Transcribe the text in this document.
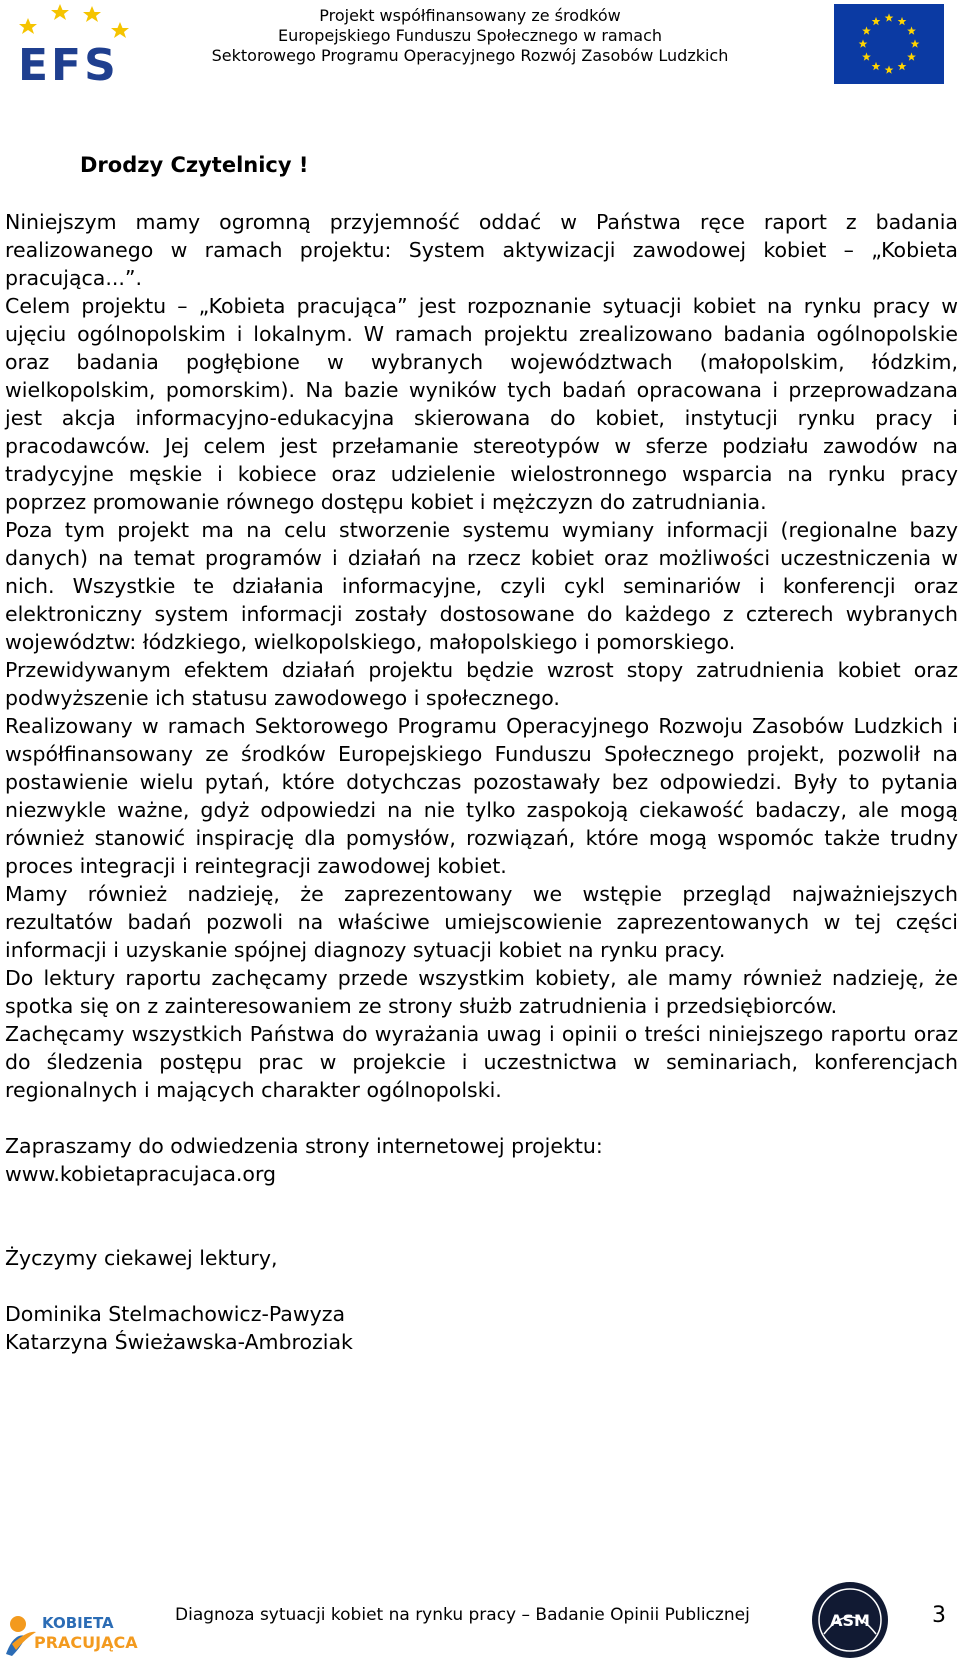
EFS
Projekt współfinansowany ze środków
Europejskiego Funduszu Społecznego w ramach
Sektorowego Programu Operacyjnego Rozwój Zasobów Ludzkich
Drodzy Czytelnicy !

Niniejszym mamy ogromną przyjemność oddać w Państwa ręce raport z badania realizowanego w ramach projektu: System aktywizacji zawodowej kobiet – „Kobieta pracująca...”.

Celem projektu – „Kobieta pracująca” jest rozpoznanie sytuacji kobiet na rynku pracy w ujęciu ogólnopolskim i lokalnym. W ramach projektu zrealizowano badania ogólnopolskie oraz badania pogłębione w wybranych województwach (małopolskim, łódzkim, wielkopolskim, pomorskim). Na bazie wyników tych badań opracowana i przeprowadzana jest akcja informacyjno-edukacyjna skierowana do kobiet, instytucji rynku pracy i pracodawców. Jej celem jest przełamanie stereotypów w sferze podziału zawodów na tradycyjne męskie i kobiece oraz udzielenie wielostronnego wsparcia na rynku pracy poprzez promowanie równego dostępu kobiet i mężczyzn do zatrudniania.

Poza tym projekt ma na celu stworzenie systemu wymiany informacji (regionalne bazy danych) na temat programów i działań na rzecz kobiet oraz możliwości uczestniczenia w nich. Wszystkie te działania informacyjne, czyli cykl seminariów i konferencji oraz elektroniczny system informacji zostały dostosowane do każdego z czterech wybranych województw: łódzkiego, wielkopolskiego, małopolskiego i pomorskiego.

Przewidywanym efektem działań projektu będzie wzrost stopy zatrudnienia kobiet oraz podwyższenie ich statusu zawodowego i społecznego.

Realizowany w ramach Sektorowego Programu Operacyjnego Rozwoju Zasobów Ludzkich i współfinansowany ze środków Europejskiego Funduszu Społecznego projekt, pozwolił na postawienie wielu pytań, które dotychczas pozostawały bez odpowiedzi. Były to pytania niezwykle ważne, gdyż odpowiedzi na nie tylko zaspokoją ciekawość badaczy, ale mogą również stanowić inspirację dla pomysłów, rozwiązań, które mogą wspomóc także trudny proces integracji i reintegracji zawodowej kobiet.

Mamy również nadzieję, że zaprezentowany we wstępie przegląd najważniejszych rezultatów badań pozwoli na właściwe umiejscowienie zaprezentowanych w tej części informacji i uzyskanie spójnej diagnozy sytuacji kobiet na rynku pracy.

Do lektury raportu zachęcamy przede wszystkim kobiety, ale mamy również nadzieję, że spotka się on z zainteresowaniem ze strony służb zatrudnienia i przedsiębiorców.

Zachęcamy wszystkich Państwa do wyrażania uwag i opinii o treści niniejszego raportu oraz do śledzenia postępu prac w projekcie i uczestnictwa w seminariach, konferencjach regionalnych i mających charakter ogólnopolski.

Zapraszamy do odwiedzenia strony internetowej projektu:

www.kobietapracujaca.org

Życzymy ciekawej lektury,

Dominika Stelmachowicz-Pawyza

Katarzyna Świeżawska-Ambroziak

KOBIETA
PRACUJĄCA
Diagnoza sytuacji kobiet na rynku pracy – Badanie Opinii Publicznej	ASM	3
